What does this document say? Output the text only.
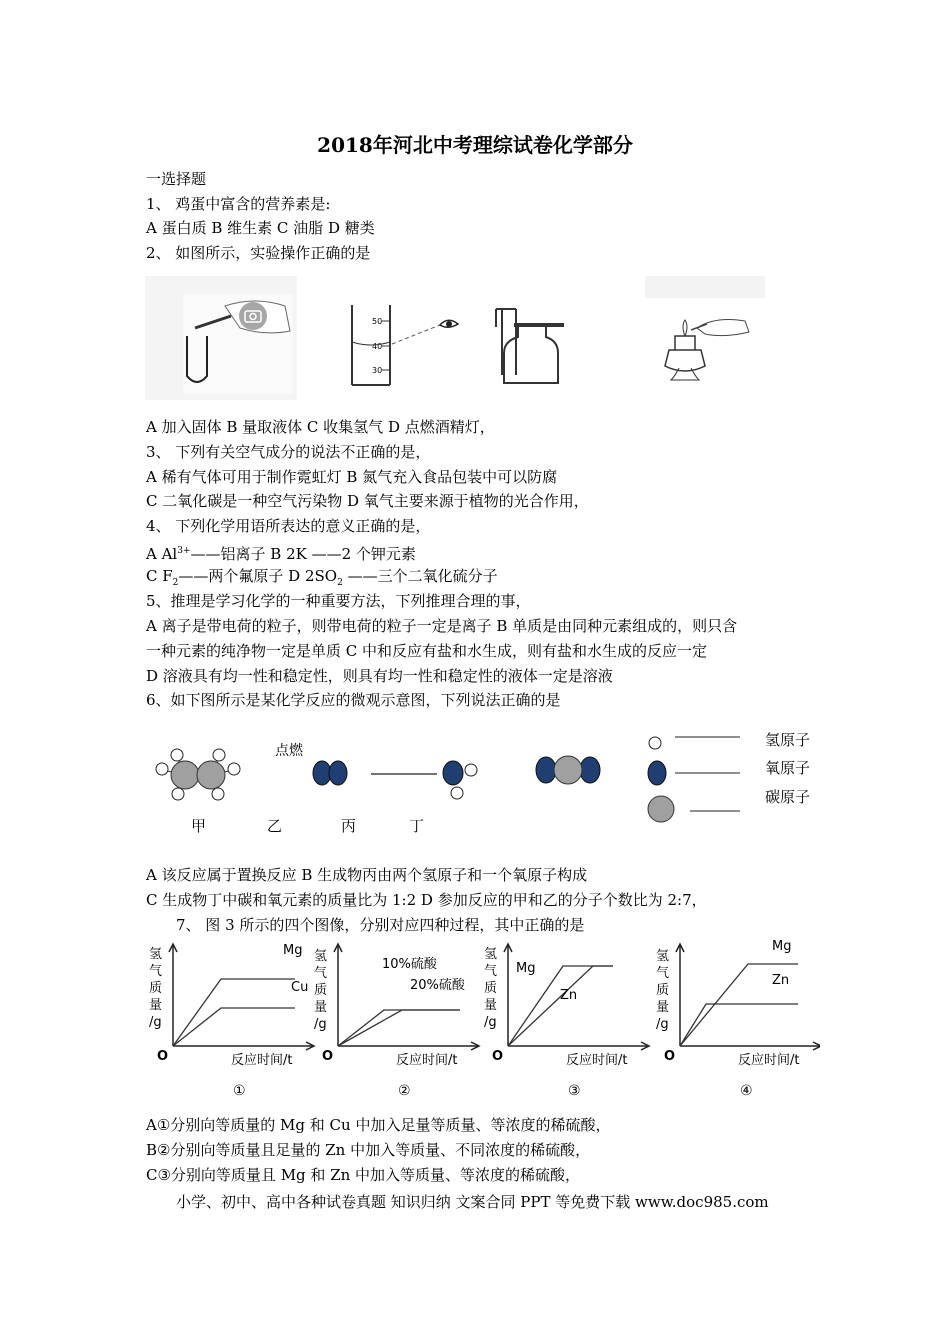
2018年河北中考理综试卷化学部分
一选择题
1、 鸡蛋中富含的营养素是:
A 蛋白质 B 维生素 C 油脂 D 糖类
2、 如图所示，实验操作正确的是
50
40
30
A 加入固体 B 量取液体 C 收集氢气 D 点燃酒精灯，
3、 下列有关空气成分的说法不正确的是，
A 稀有气体可用于制作霓虹灯 B 氮气充入食品包装中可以防腐
C 二氧化碳是一种空气污染物 D 氧气主要来源于植物的光合作用，
4、 下列化学用语所表达的意义正确的是，
A $Al^{3+}——$铝离子 B 2K ——2 个钾元素
C $F_2——$两个氟原子 D $2SO_2$ ——三个二氧化硫分子
5、推理是学习化学的一种重要方法，下列推理合理的事，
A 离子是带电荷的粒子，则带电荷的粒子一定是离子 B 单质是由同种元素组成的，则只含
一种元素的纯净物一定是单质 C 中和反应有盐和水生成，则有盐和水生成的反应一定
D 溶液具有均一性和稳定性，则具有均一性和稳定性的液体一定是溶液
6、如下图所示是某化学反应的微观示意图，下列说法正确的是
点燃
氢原子
氧原子
碳原子
甲	乙	丙	丁
A 该反应属于置换反应 B 生成物丙由两个氢原子和一个氧原子构成
C 生成物丁中碳和氧元素的质量比为 1:2 D 参加反应的甲和乙的分子个数比为 2:7，
7、 图 3 所示的四个图像，分别对应四种过程，其中正确的是
氢
气
质
量
/g
O	反应时间/t
Mg
Cu
①
氢
气
质
量
/g
O	反应时间/t
10%硫酸
20%硫酸
②
氢
气
质
量
/g
O	反应时间/t
Mg
Zn
③
氢
气
质
量
/g
O	反应时间/t
Mg
Zn
④
A①分别向等质量的 Mg 和 Cu 中加入足量等质量、等浓度的稀硫酸，
B②分别向等质量且足量的 Zn 中加入等质量、不同浓度的稀硫酸，
C③分别向等质量且 Mg 和 Zn 中加入等质量、等浓度的稀硫酸，
小学、初中、高中各种试卷真题 知识归纳 文案合同 PPT 等免费下载 www.doc985.com
